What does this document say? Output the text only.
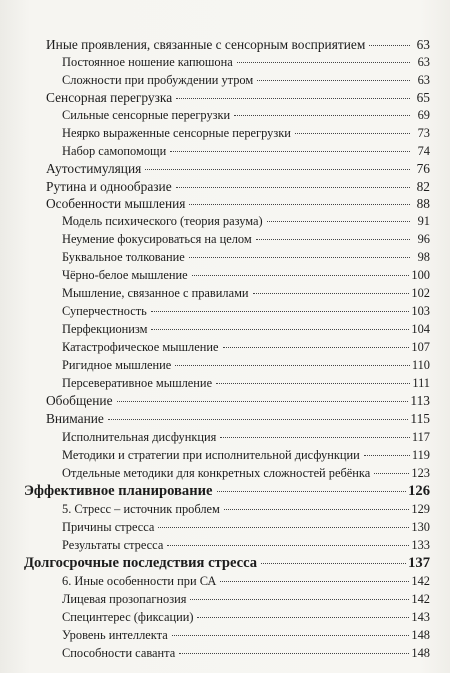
Иные проявления, связанные с сенсорным восприятием	63
Постоянное ношение капюшона	63
Сложности при пробуждении утром	63
Сенсорная перегрузка	65
Сильные сенсорные перегрузки	69
Неярко выраженные сенсорные перегрузки	73
Набор самопомощи	74
Аутостимуляция	76
Рутина и однообразие	82
Особенности мышления	88
Модель психического (теория разума)	91
Неумение фокусироваться на целом	96
Буквальное толкование	98
Чёрно-белое мышление	100
Мышление, связанное с правилами	102
Суперчестность	103
Перфекционизм	104
Катастрофическое мышление	107
Ригидное мышление	110
Персеверативное мышление	111
Обобщение	113
Внимание	115
Исполнительная дисфункция	117
Методики и стратегии при исполнительной дисфункции	119
Отдельные методики для конкретных сложностей ребёнка	123
Эффективное планирование	126
5. Стресс – источник проблем	129
Причины стресса	130
Результаты стресса	133
Долгосрочные последствия стресса	137
6. Иные особенности при СА	142
Лицевая прозопагнозия	142
Специнтерес (фиксации)	143
Уровень интеллекта	148
Способности саванта	148
